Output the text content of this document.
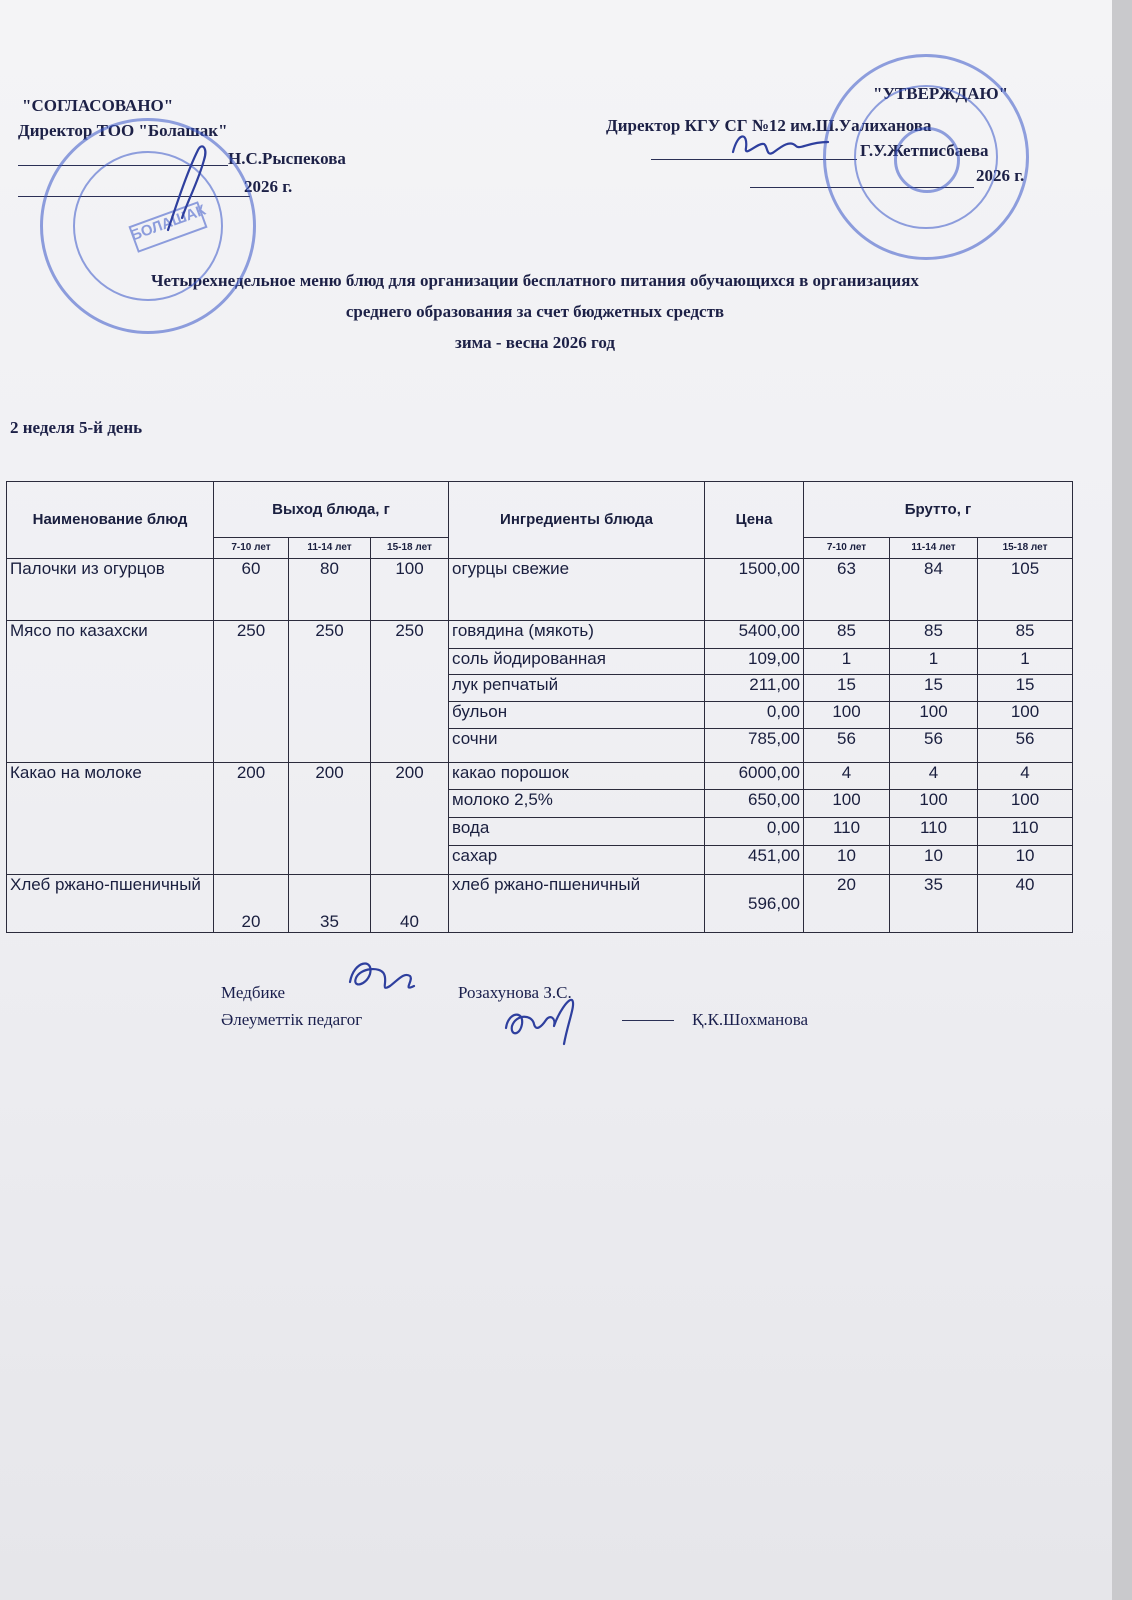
"СОГЛАСОВАНО"
Директор ТОО "Болашак"
Н.С.Рыспекова
2026 г.
"УТВЕРЖДАЮ"
Директор КГУ СГ №12 им.Ш.Уалиханова
Г.У.Жетписбаева
2026 г.
Четырехнедельное меню блюд для организации бесплатного питания обучающихся в организациях
среднего образования за счет бюджетных средств
зима - весна 2026 год
2 неделя 5-й день
Наименование блюд	Выход блюда, г			Ингредиенты блюда	Цена	Брутто, г		
	7-10 лет	11-14 лет	15-18 лет			7-10 лет	11-14 лет	15-18 лет
Палочки из огурцов	60	80	100	огурцы свежие	1500,00	63	84	105
Мясо по казахски	250	250	250	говядина (мякоть)	5400,00	85	85	85
				соль йодированная	109,00	1	1	1
				лук репчатый	211,00	15	15	15
				бульон	0,00	100	100	100
				сочни	785,00	56	56	56
Какао на молоке	200	200	200	какао порошок	6000,00	4	4	4
				молоко 2,5%	650,00	100	100	100
				вода	0,00	110	110	110
				сахар	451,00	10	10	10
Хлеб ржано-пшеничный	20	35	40	хлеб ржано-пшеничный	596,00	20	35	40
Медбике	Розахунова З.С.
Әлеуметтік педагог	Қ.К.Шохманова
БОЛАШАК
